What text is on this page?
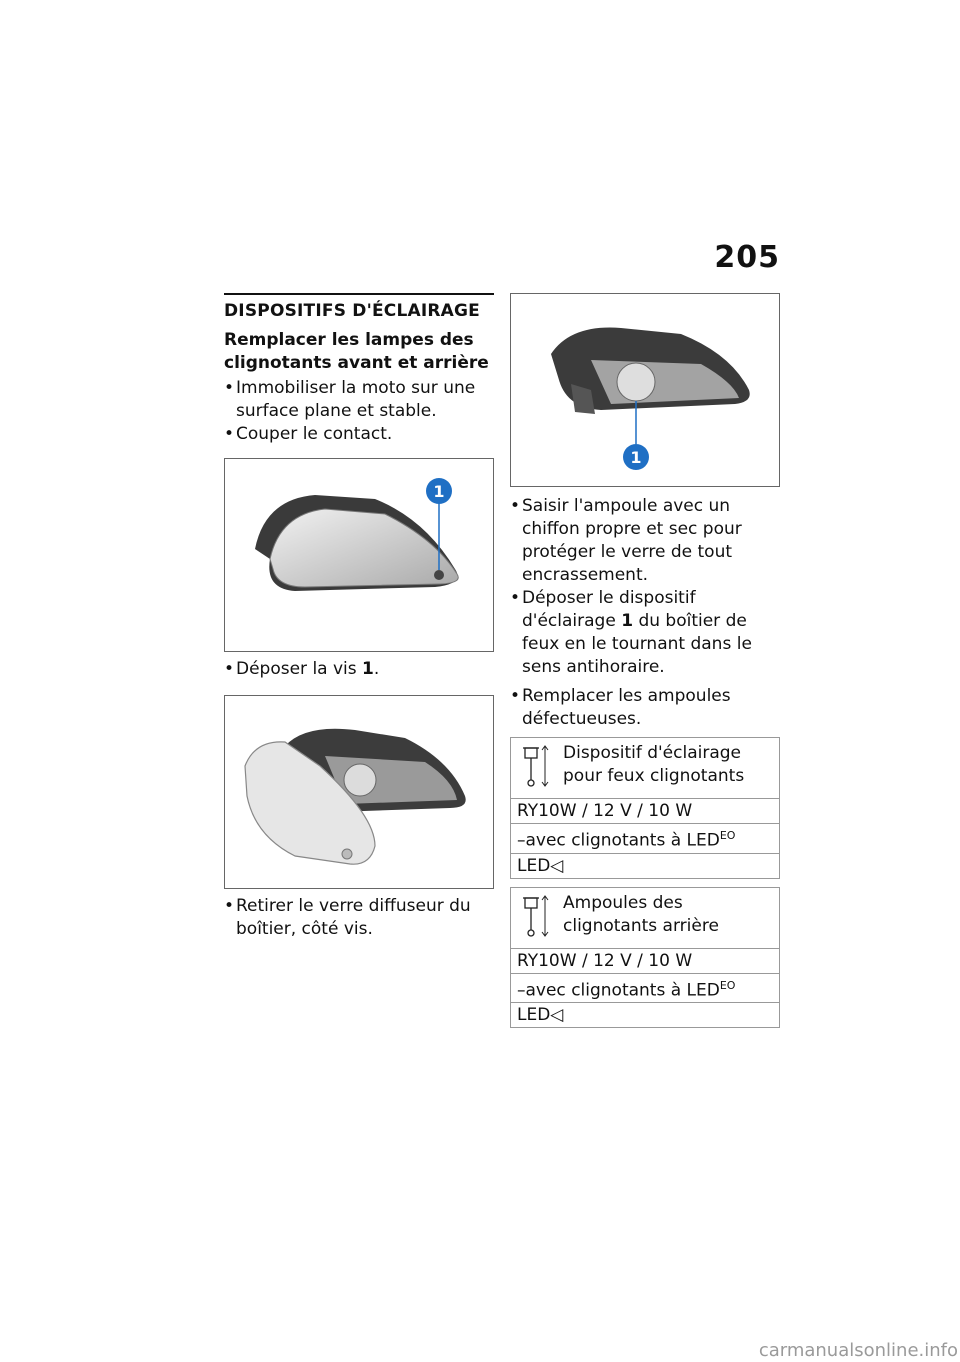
205
DISPOSITIFS D'ÉCLAIRAGE
Remplacer les lampes des clignotants avant et arrière

• Immobiliser la moto sur une surface plane et stable.

• Couper le contact.

1

• Déposer la vis 1.

• Retirer le verre diffuseur du boîtier, côté vis.

1

• Saisir l'ampoule avec un chiffon propre et sec pour protéger le verre de tout encrassement.

• Déposer le dispositif d'éclairage 1 du boîtier de feux en le tournant dans le sens antihoraire.

• Remplacer les ampoules défectueuses.

Dispositif d'éclairage pour feux clignotants
RY10W / 12 V / 10 W
–avec clignotants à $LED^{EO}$
LED◁
Ampoules des clignotants arrière
RY10W / 12 V / 10 W
–avec clignotants à $LED^{EO}$
LED◁
carmanualsonline.info
